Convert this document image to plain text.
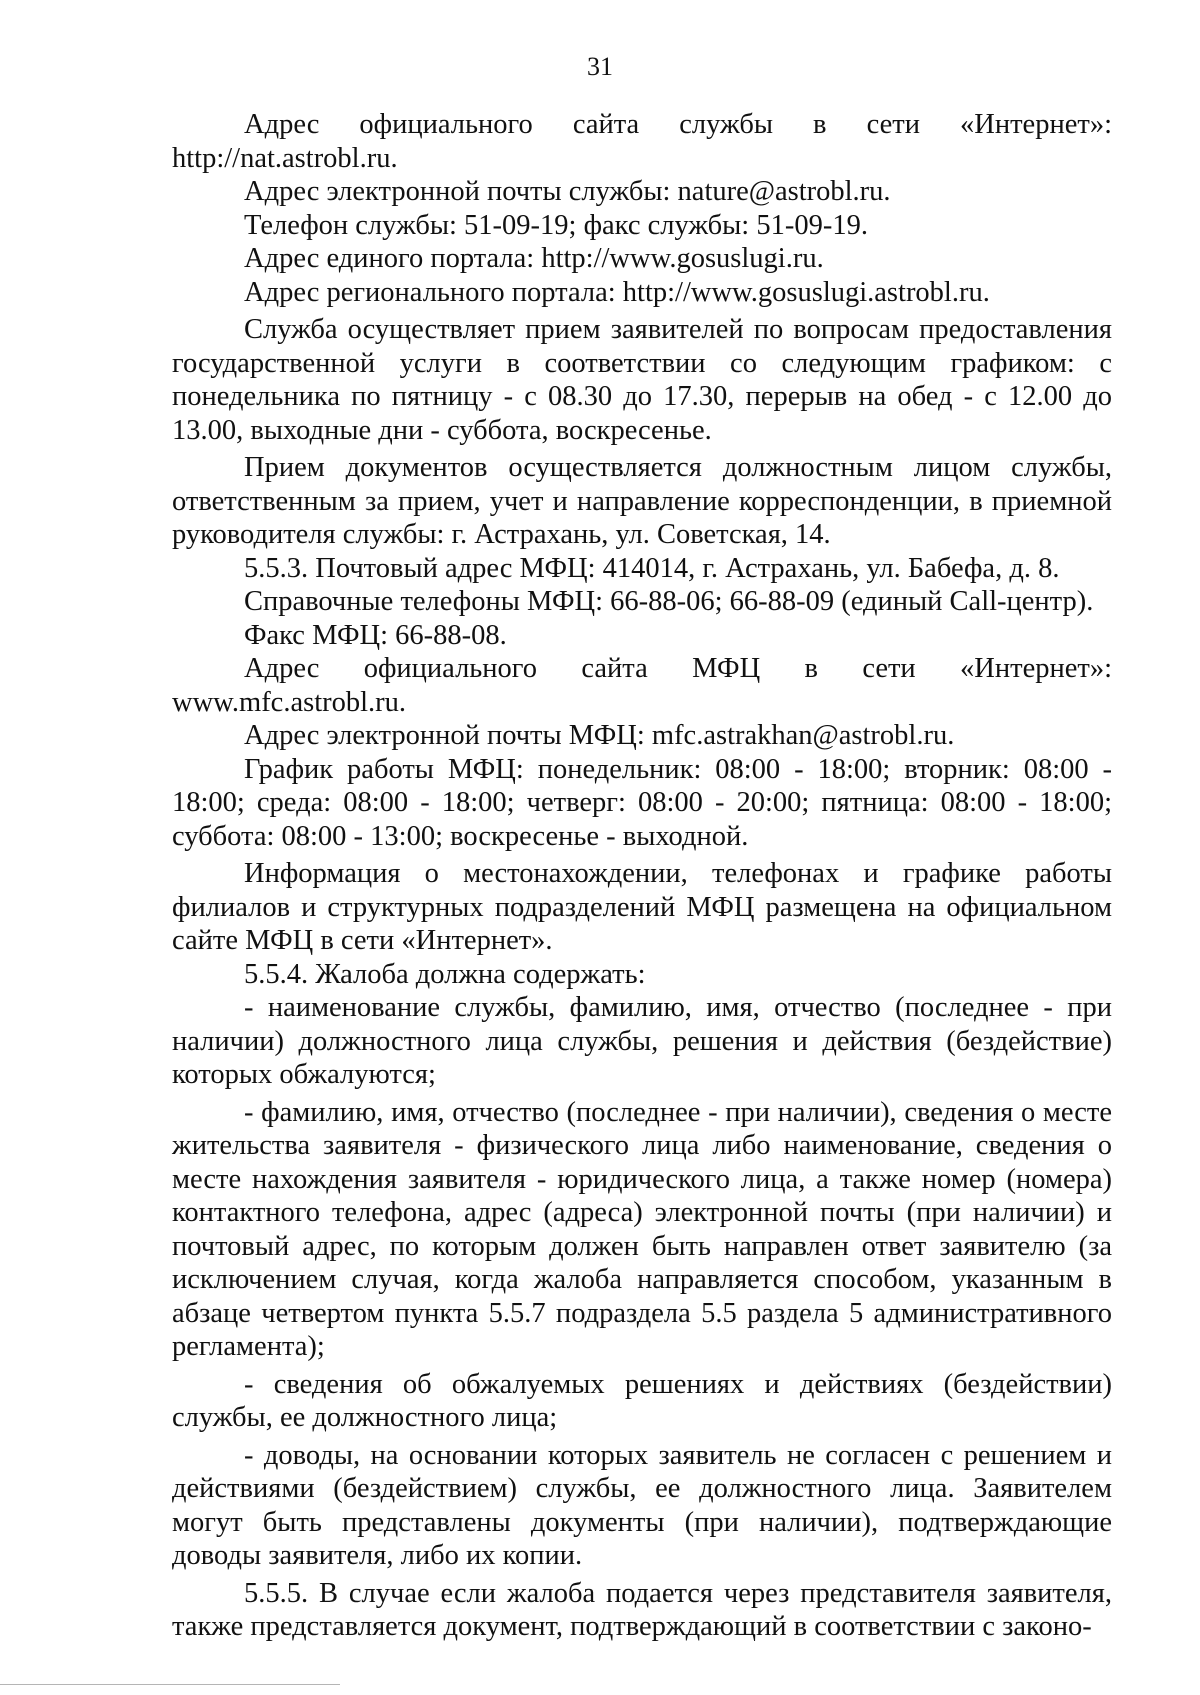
31

Адрес официального сайта службы в сети «Интернет»: http://nat.astrobl.ru.

Адрес электронной почты службы: nature@astrobl.ru.

Телефон службы: 51-09-19; факс службы: 51-09-19.

Адрес единого портала: http://www.gosuslugi.ru.

Адрес регионального портала: http://www.gosuslugi.astrobl.ru.

Служба осуществляет прием заявителей по вопросам предоставления государственной услуги в соответствии со следующим графиком: с понедельника по пятницу - с 08.30 до 17.30, перерыв на обед - с 12.00 до 13.00, выходные дни - суббота, воскресенье.

Прием документов осуществляется должностным лицом службы, ответственным за прием, учет и направление корреспонденции, в приемной руководителя службы: г. Астрахань, ул. Советская, 14.

5.5.3. Почтовый адрес МФЦ: 414014, г. Астрахань, ул. Бабефа, д. 8.

Справочные телефоны МФЦ: 66-88-06; 66-88-09 (единый Call-центр).

Факс МФЦ: 66-88-08.

Адрес официального сайта МФЦ в сети «Интернет»: www.mfc.astrobl.ru.

Адрес электронной почты МФЦ: mfc.astrakhan@astrobl.ru.

График работы МФЦ: понедельник: 08:00 - 18:00; вторник: 08:00 - 18:00; среда: 08:00 - 18:00; четверг: 08:00 - 20:00; пятница: 08:00 - 18:00; суббота: 08:00 - 13:00; воскресенье - выходной.

Информация о местонахождении, телефонах и графике работы филиалов и структурных подразделений МФЦ размещена на официальном сайте МФЦ в сети «Интернет».

5.5.4. Жалоба должна содержать:

- наименование службы, фамилию, имя, отчество (последнее - при наличии) должностного лица службы, решения и действия (бездействие) которых обжалуются;

- фамилию, имя, отчество (последнее - при наличии), сведения о месте жительства заявителя - физического лица либо наименование, сведения о месте нахождения заявителя - юридического лица, а также номер (номера) контактного телефона, адрес (адреса) электронной почты (при наличии) и почтовый адрес, по которым должен быть направлен ответ заявителю (за исключением случая, когда жалоба направляется способом, указанным в абзаце четвертом пункта 5.5.7 подраздела 5.5 раздела 5 административного регламента);

- сведения об обжалуемых решениях и действиях (бездействии) службы, ее должностного лица;

- доводы, на основании которых заявитель не согласен с решением и действиями (бездействием) службы, ее должностного лица. Заявителем могут быть представлены документы (при наличии), подтверждающие доводы заявителя, либо их копии.

5.5.5. В случае если жалоба подается через представителя заявителя, также представляется документ, подтверждающий в соответствии с законо-
